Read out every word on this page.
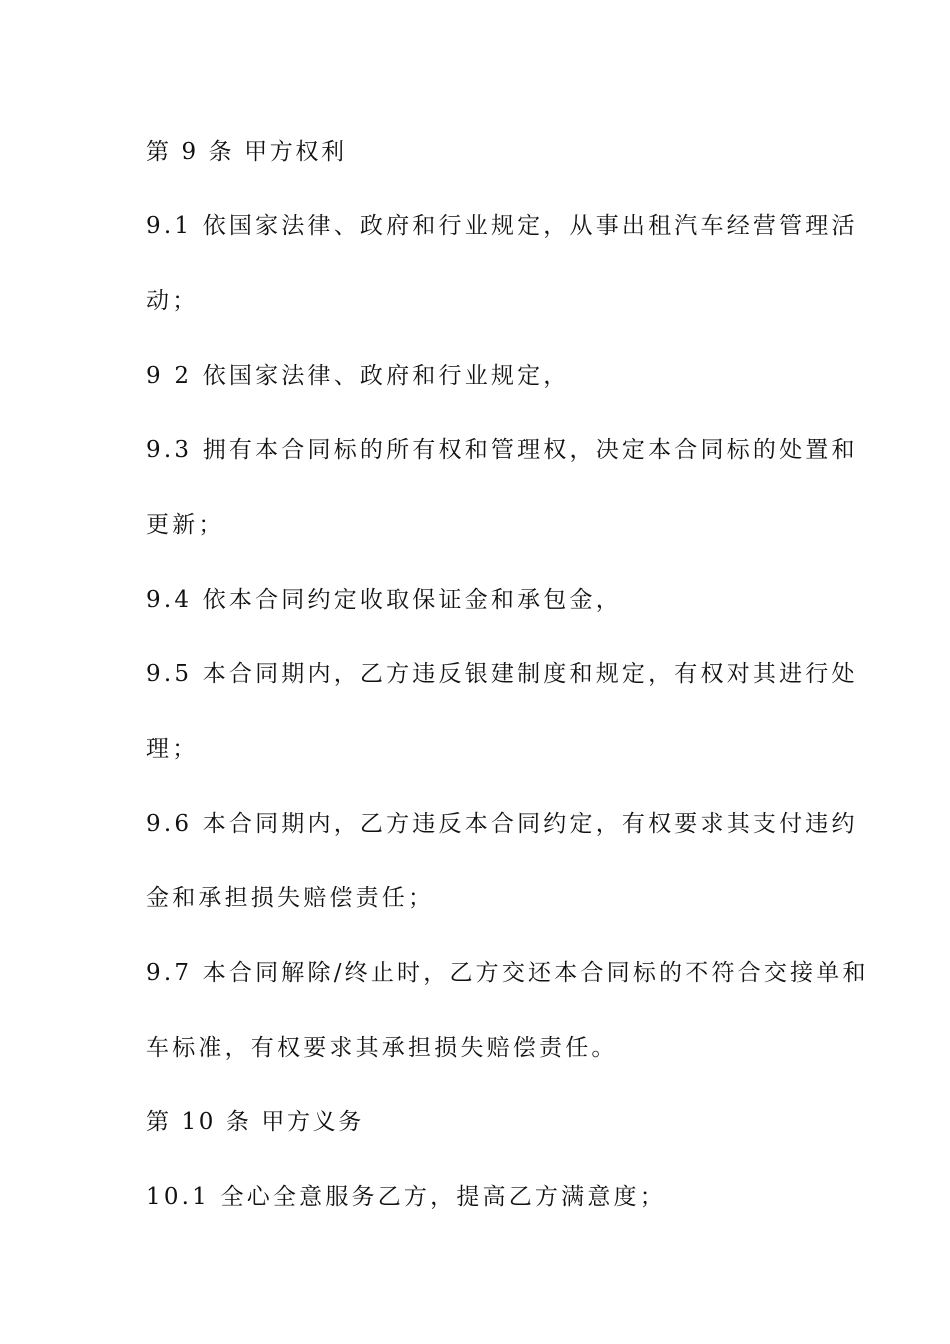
第 9 条 甲方权利

9.1 依国家法律、政府和行业规定，从事出租汽车经营管理活

动；

9 2 依国家法律、政府和行业规定，

9.3 拥有本合同标的所有权和管理权，决定本合同标的处置和

更新；

9.4 依本合同约定收取保证金和承包金，

9.5 本合同期内，乙方违反银建制度和规定，有权对其进行处

理；

9.6 本合同期内，乙方违反本合同约定，有权要求其支付违约

金和承担损失赔偿责任；

9.7 本合同解除/终止时，乙方交还本合同标的不符合交接单和

车标准，有权要求其承担损失赔偿责任。

第 10 条 甲方义务

10.1 全心全意服务乙方，提高乙方满意度；
